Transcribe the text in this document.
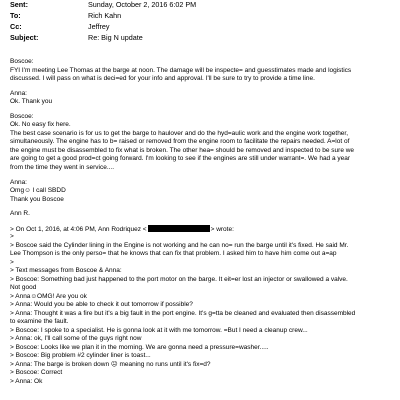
Sent:	Sunday, October 2, 2016 6:02 PM
To:	Rich Kahn
Cc:	Jeffrey
Subject:	Re: Big N update
Boscoe:
FYI I'm meeting Lee Thomas at the barge at noon. The damage will be inspecte= and guesstimates made and logistics
discussed. I will pass on what is deci=ed for your info and approval. I'll be sure to try to provide a time line.
Anna:
Ok. Thank you
Boscoe:
Ok. No easy fix here.
The best case scenario is for us to get the barge to haulover and do the hyd=aulic work and the engine work together,
simultaneously. The engine has to b= raised or removed from the engine room to facilitate the repairs needed. A=lot of
the engine must be disassembled to fix what is broken. The other hea= should be removed and inspected to be sure we
are going to get a good prod=ct going forward. I'm looking to see if the engines are still under warrant=. We had a year
from the time they went in service....
Anna:
Omg☺ I call SBDD
Thank you Boscoe
Ann R.
> On Oct 1, 2016, at 4:06 PM, Ann Rodriquez <	> wrote:
>
> Boscoe said the Cylinder lining in the Engine is not working and he can no= run the barge until it's fixed. He said Mr.
Lee Thompson is the only perso= that he knows that can fix that problem. I asked him to have him come out a=ap
>
> Text messages from Boscoe & Anna:
> Boscoe: Something bad just happened to the port motor on the barge. It eit=er lost an injector or swallowed a valve.
Not good
> Anna☺OMG! Are you ok
> Anna: Would you be able to check it out tomorrow if possible?
> Anna: Thought it was a fire but it's a big fault in the port engine. It's g=tta be cleaned and evaluated then disassembled
to examine the fault.
> Boscoe: I spoke to a specialist. He is gonna look at it with me tomorrow. =But I need a cleanup crew...
> Anna: ok, I'll call some of the guys right now
> Boscoe: Looks like we plan it in the morning. We are gonna need a pressure=washer.....
> Boscoe: Big problem #2 cylinder liner is toast...
> Anna: The barge is broken down ☹ meaning no runs until it's fix=d?
> Boscoe: Correct
> Anna: Ok
